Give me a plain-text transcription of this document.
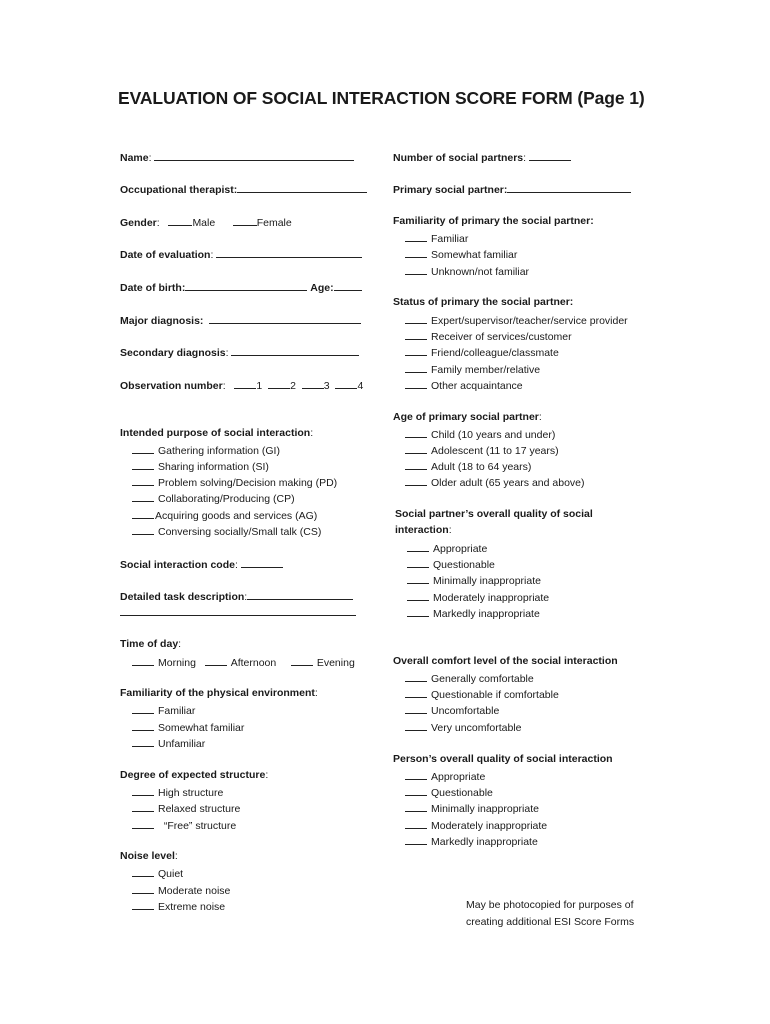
EVALUATION OF SOCIAL INTERACTION SCORE FORM (Page 1)
Name:
Occupational therapist:
Gender:   Male	Female
Date of evaluation:
Date of birth:	Age:
Major diagnosis:
Secondary diagnosis:
Observation number:   1	2	3	4
Intended purpose of social interaction:
Gathering information (GI)
Sharing information (SI)
Problem solving/Decision making (PD)
Collaborating/Producing (CP)
Acquiring goods and services (AG)
Conversing socially/Small talk (CS)
Social interaction code:
Detailed task description:
Time of day:
Morning	Afternoon	Evening
Familiarity of the physical environment:
Familiar
Somewhat familiar
Unfamiliar
Degree of expected structure:
High structure
Relaxed structure
“Free” structure
Noise level:
Quiet
Moderate noise
Extreme noise
Number of social partners:
Primary social partner:
Familiarity of primary the social partner:
Familiar
Somewhat familiar
Unknown/not familiar
Status of primary the social partner:
Expert/supervisor/teacher/service provider
Receiver of services/customer
Friend/colleague/classmate
Family member/relative
Other acquaintance
Age of primary social partner:
Child (10 years and under)
Adolescent (11 to 17 years)
Adult (18 to 64 years)
Older adult (65 years and above)
Social partner’s overall quality of social
interaction:
Appropriate
Questionable
Minimally inappropriate
Moderately inappropriate
Markedly inappropriate
Overall comfort level of the social interaction
Generally comfortable
Questionable if comfortable
Uncomfortable
Very uncomfortable
Person’s overall quality of social interaction
Appropriate
Questionable
Minimally inappropriate
Moderately inappropriate
Markedly inappropriate
May be photocopied for purposes of
creating additional ESI Score Forms
